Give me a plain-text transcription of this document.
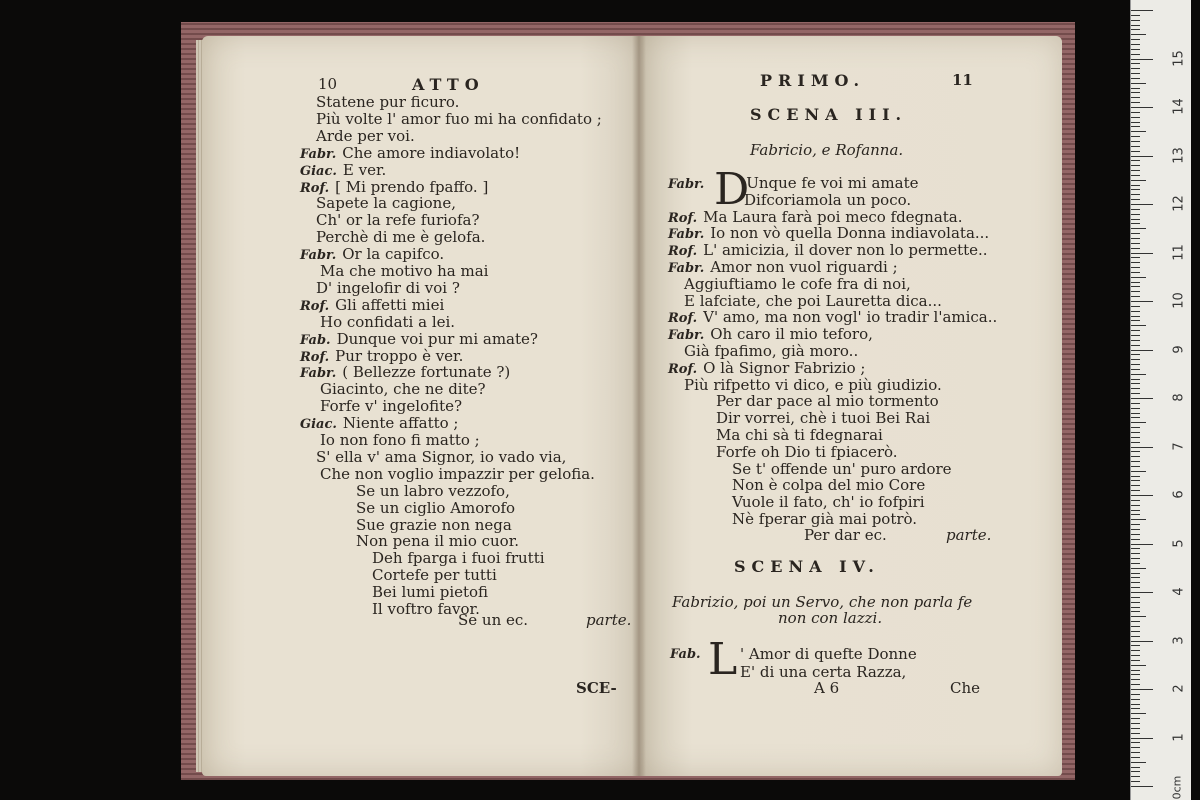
10	ATTO
Statene pur ficuro.
Più volte l' amor fuo mi ha confidato ;
Arde per voi.
Fabr. Che amore indiavolato!
Giac. E ver.
Rof. [ Mi prendo fpaffo. ]
Sapete la cagione,
Ch' or la refe furiofa?
Perchè di me è gelofa.
Fabr. Or la capifco.
Ma che motivo ha mai
D' ingelofir di voi ?
Rof. Gli affetti miei
Ho confidati a lei.
Fab. Dunque voi pur mi amate?
Rof. Pur troppo è ver.
Fabr. ( Bellezze fortunate ?)
Giacinto, che ne dite?
Forfe v' ingelofite?
Giac. Niente affatto ;
Io non fono fi matto ;
S' ella v' ama Signor, io vado via,
Che non voglio impazzir per gelofia.
Se un labro vezzofo,
Se un ciglio Amorofo
Sue grazie non nega
Non pena il mio cuor.
Deh fparga i fuoi frutti
Cortefe per tutti
Bei lumi pietofi
Il voftro favor.
Se un ec.	parte.
SCE-
PRIMO.	11
SCENA III.
Fabricio, e Rofanna.
D
Fabr.	Unque fe voi mi amate
Difcoriamola un poco.
Rof. Ma Laura farà poi meco fdegnata.
Fabr. Io non vò quella Donna indiavolata...
Rof. L' amicizia, il dover non lo permette..
Fabr. Amor non vuol riguardi ;
Aggiuftiamo le cofe fra di noi,
E lafciate, che poi Lauretta dica...
Rof. V' amo, ma non vogl' io tradir l'amica..
Fabr. Oh caro il mio teforo,
Già fpafimo, già moro..
Rof. O là Signor Fabrizio ;
Più rifpetto vi dico, e più giudizio.
Per dar pace al mio tormento
Dir vorrei, chè i tuoi Bei Rai
Ma chi sà ti fdegnarai
Forfe oh Dio ti fpiacerò.
Se t' offende un' puro ardore
Non è colpa del mio Core
Vuole il fato, ch' io fofpiri
Nè fperar già mai potrò.
Per dar ec.	parte.
SCENA IV.
Fabrizio, poi un Servo, che non parla fe
non con lazzi.
Fab. L ' Amor di quefte Donne
E' di una certa Razza,
A 6	Che
1
2
3
4
5
6
7
8
9
10
11
12
13
14
15
0cm
